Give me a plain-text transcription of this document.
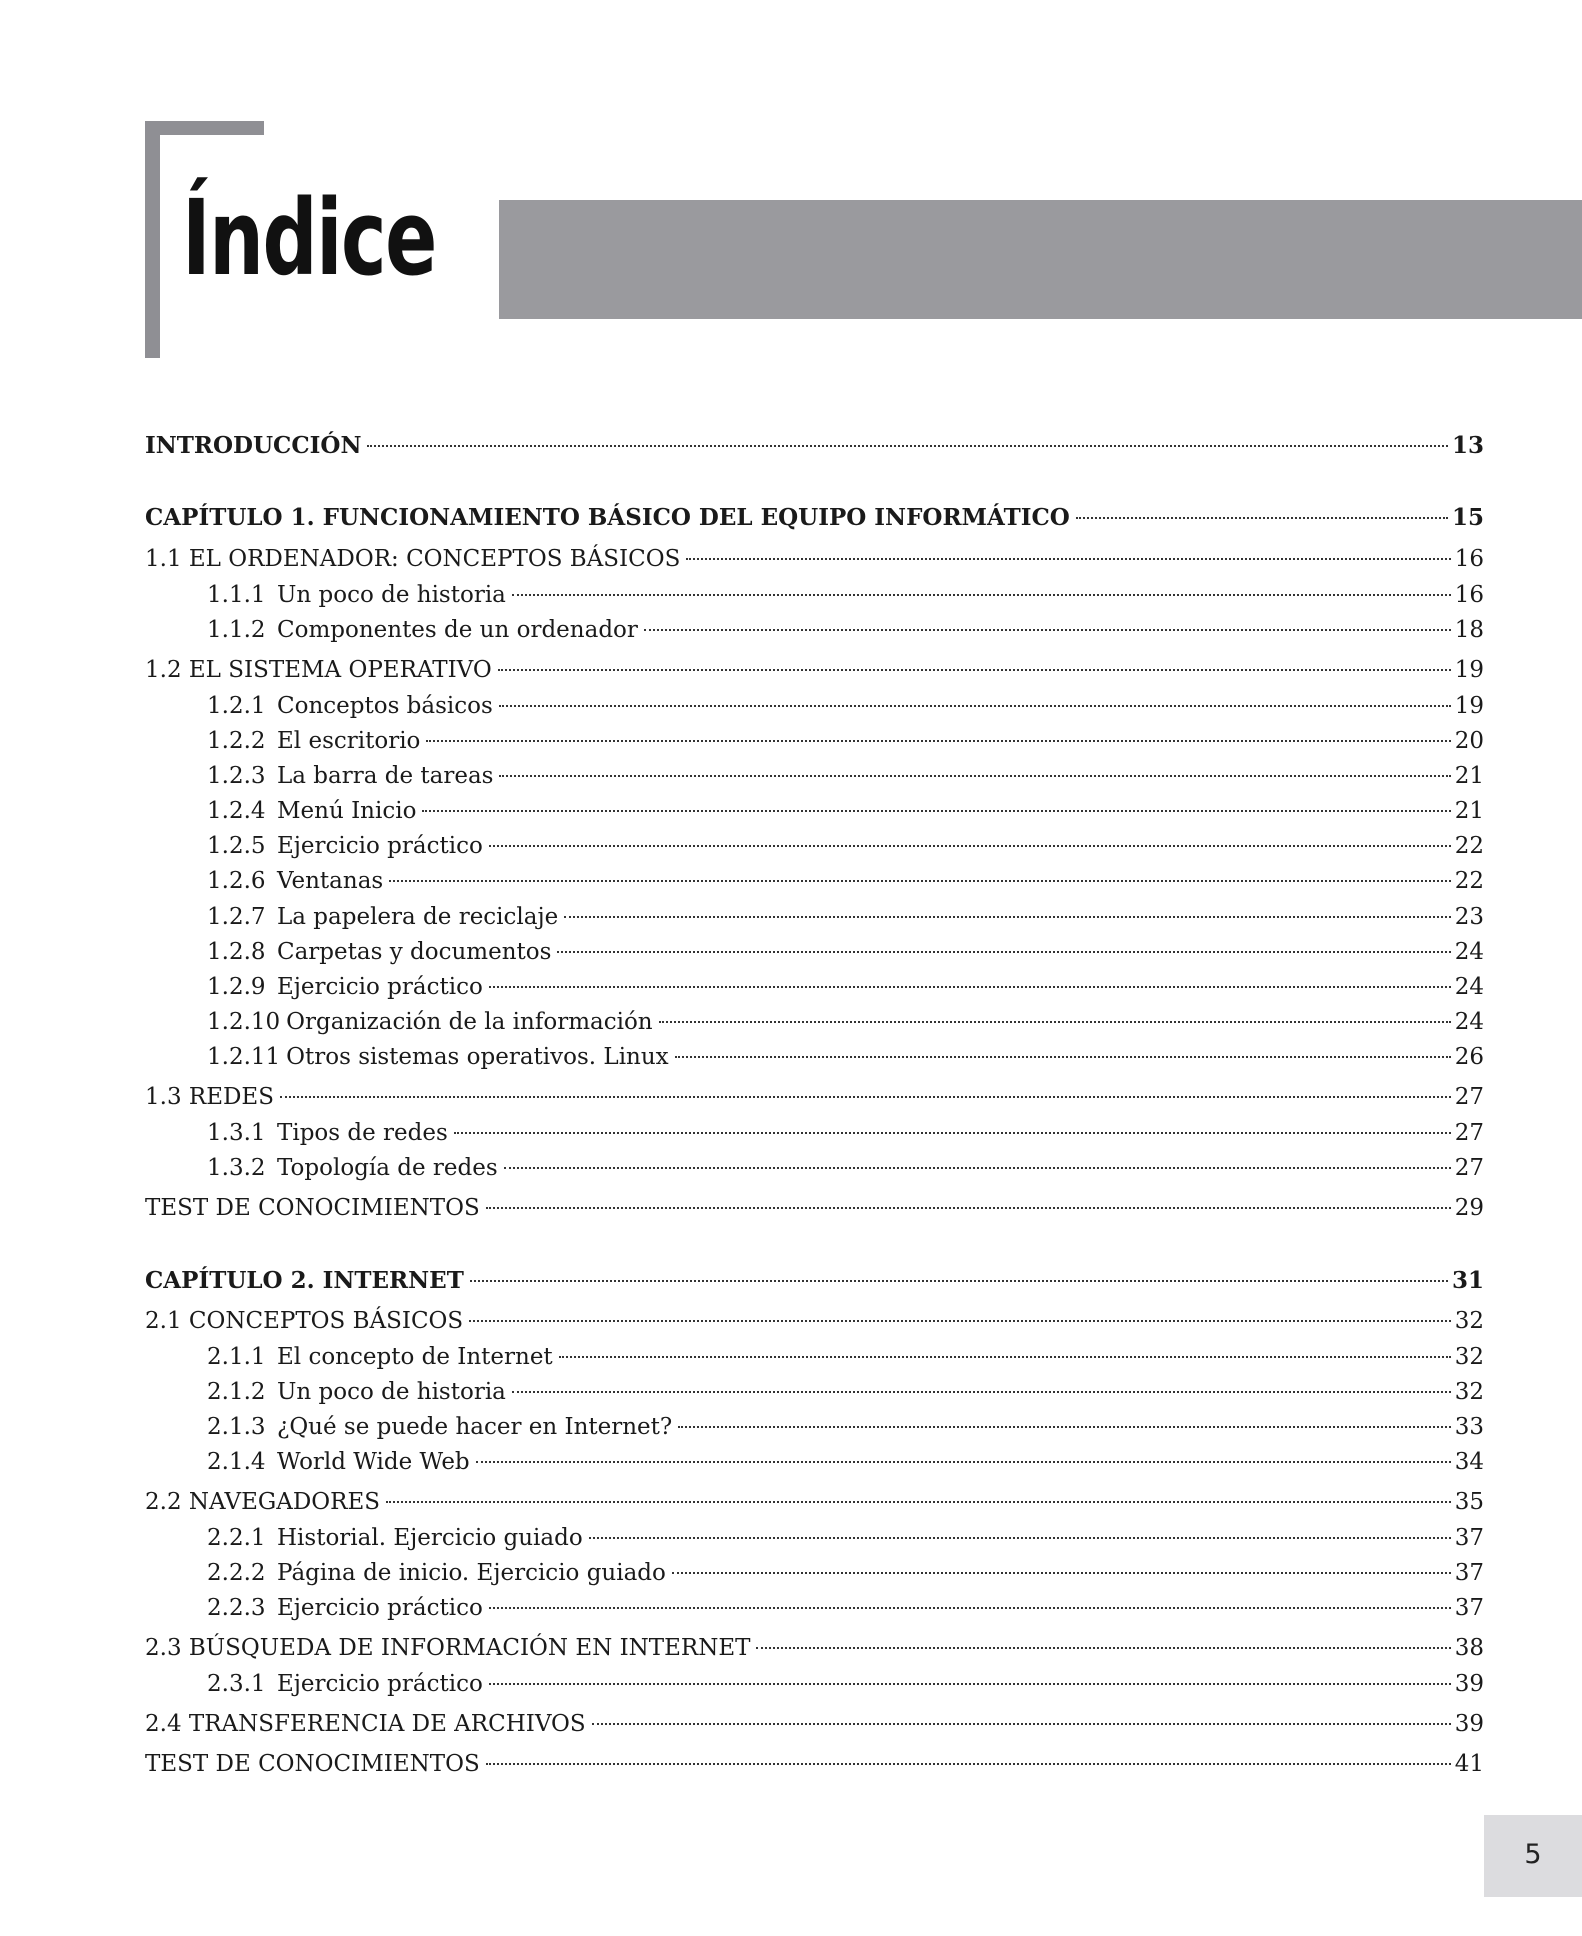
Índice
INTRODUCCIÓN	13
CAPÍTULO 1. FUNCIONAMIENTO BÁSICO DEL EQUIPO INFORMÁTICO	15
1.1 EL ORDENADOR: CONCEPTOS BÁSICOS	16
1.1.1 Un poco de historia	16
1.1.2 Componentes de un ordenador	18
1.2 EL SISTEMA OPERATIVO	19
1.2.1 Conceptos básicos	19
1.2.2 El escritorio	20
1.2.3 La barra de tareas	21
1.2.4 Menú Inicio	21
1.2.5 Ejercicio práctico	22
1.2.6 Ventanas	22
1.2.7 La papelera de reciclaje	23
1.2.8 Carpetas y documentos	24
1.2.9 Ejercicio práctico	24
1.2.10 Organización de la información	24
1.2.11 Otros sistemas operativos. Linux	26
1.3 REDES	27
1.3.1 Tipos de redes	27
1.3.2 Topología de redes	27
TEST DE CONOCIMIENTOS	29
CAPÍTULO 2. INTERNET	31
2.1 CONCEPTOS BÁSICOS	32
2.1.1 El concepto de Internet	32
2.1.2 Un poco de historia	32
2.1.3 ¿Qué se puede hacer en Internet?	33
2.1.4 World Wide Web	34
2.2 NAVEGADORES	35
2.2.1 Historial. Ejercicio guiado	37
2.2.2 Página de inicio. Ejercicio guiado	37
2.2.3 Ejercicio práctico	37
2.3 BÚSQUEDA DE INFORMACIÓN EN INTERNET	38
2.3.1 Ejercicio práctico	39
2.4 TRANSFERENCIA DE ARCHIVOS	39
TEST DE CONOCIMIENTOS	41
5
